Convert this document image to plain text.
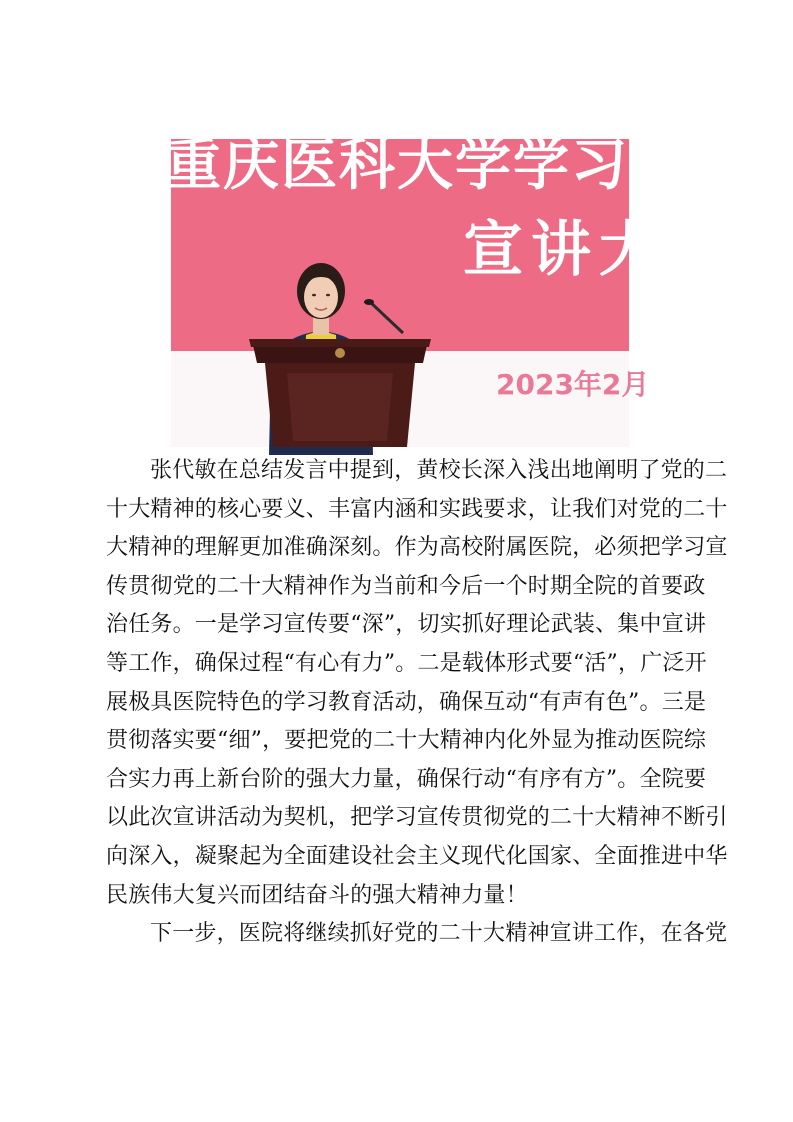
重庆医科大学学习
宣讲大
2023年2月

张代敏在总结发言中提到，黄校长深入浅出地阐明了党的二
十大精神的核心要义、丰富内涵和实践要求，让我们对党的二十
大精神的理解更加准确深刻。作为高校附属医院，必须把学习宣
传贯彻党的二十大精神作为当前和今后一个时期全院的首要政
治任务。一是学习宣传要“深”，切实抓好理论武装、集中宣讲
等工作，确保过程“有心有力”。二是载体形式要“活”，广泛开
展极具医院特色的学习教育活动，确保互动“有声有色”。三是
贯彻落实要“细”，要把党的二十大精神内化外显为推动医院综
合实力再上新台阶的强大力量，确保行动“有序有方”。全院要
以此次宣讲活动为契机，把学习宣传贯彻党的二十大精神不断引
向深入，凝聚起为全面建设社会主义现代化国家、全面推进中华
民族伟大复兴而团结奋斗的强大精神力量！

下一步，医院将继续抓好党的二十大精神宣讲工作，在各党
